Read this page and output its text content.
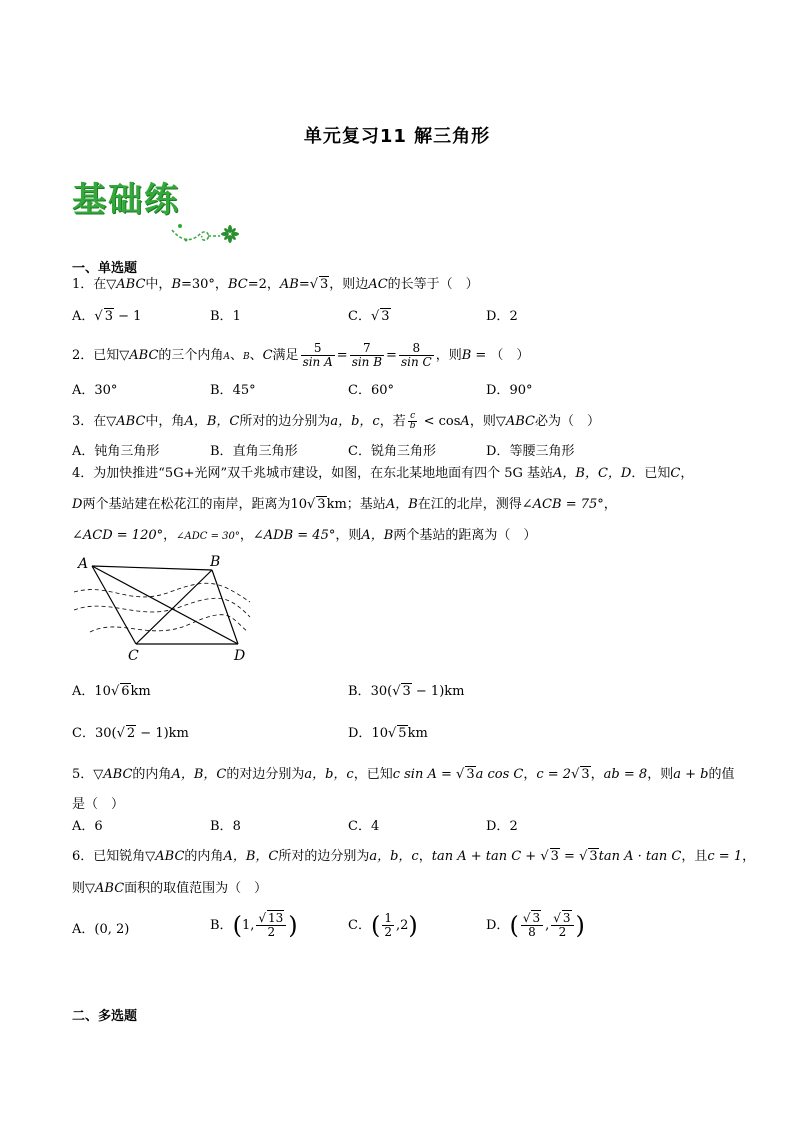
单元复习11 解三角形
基础练
一、单选题
1．在▽ABC中，B=30°，BC=2，AB=√ 3，则边AC的长等于（　）
A．√ 3 − 1	B．1	C．√ 3	D．2
2．已知▽ABC的三个内角A、B、C满足 $\frac{5}{\text{sin A}} = \frac{7}{\text{sin B}} = \frac{8}{\text{sin C}}$ ，则B = （　）
A．30°	B．45°	C．60°	D．90°
3．在▽ABC中，角A，B，C所对的边分别为a，b，c，若 $\frac{c}{b} < \cos A$，则▽ABC必为（　）
A．钝角三角形	B．直角三角形	C．锐角三角形	D．等腰三角形
4．为加快推进“5G+光网”双千兆城市建设，如图，在东北某地地面有四个 5G 基站A，B，C，D．已知C，
D两个基站建在松花江的南岸，距离为10√ 3km；基站A，B在江的北岸，测得∠ACB = 75°，
∠ACD = 120°，∠ADC = 30°，∠ADB = 45°，则A，B两个基站的距离为（　）
A	B
C	D
A．10√ 6km	B．30(√ 3 − 1)km
C．30(√ 2 − 1)km	D．10√ 5km
5．▽ABC的内角A，B，C的对边分别为a，b，c，已知c sin A = √ 3a cos C，c = 2√ 3，ab = 8，则a + b的值
是（　）
A．6	B．8	C．4	D．2
6．已知锐角▽ABC的内角A，B，C所对的边分别为a，b，c，tan A + tan C + √ 3 = √ 3tan A · tan C，且c = 1，
则▽ABC面积的取值范围为（　）
A．(0, 2)	B．(1, $\frac{√ 13}{2}$ )	C．( $\frac{1}{2} ,2$)	D．( $\frac{√ 3}{8}$ , $\frac{√ 3}{2}$ )
二、多选题
